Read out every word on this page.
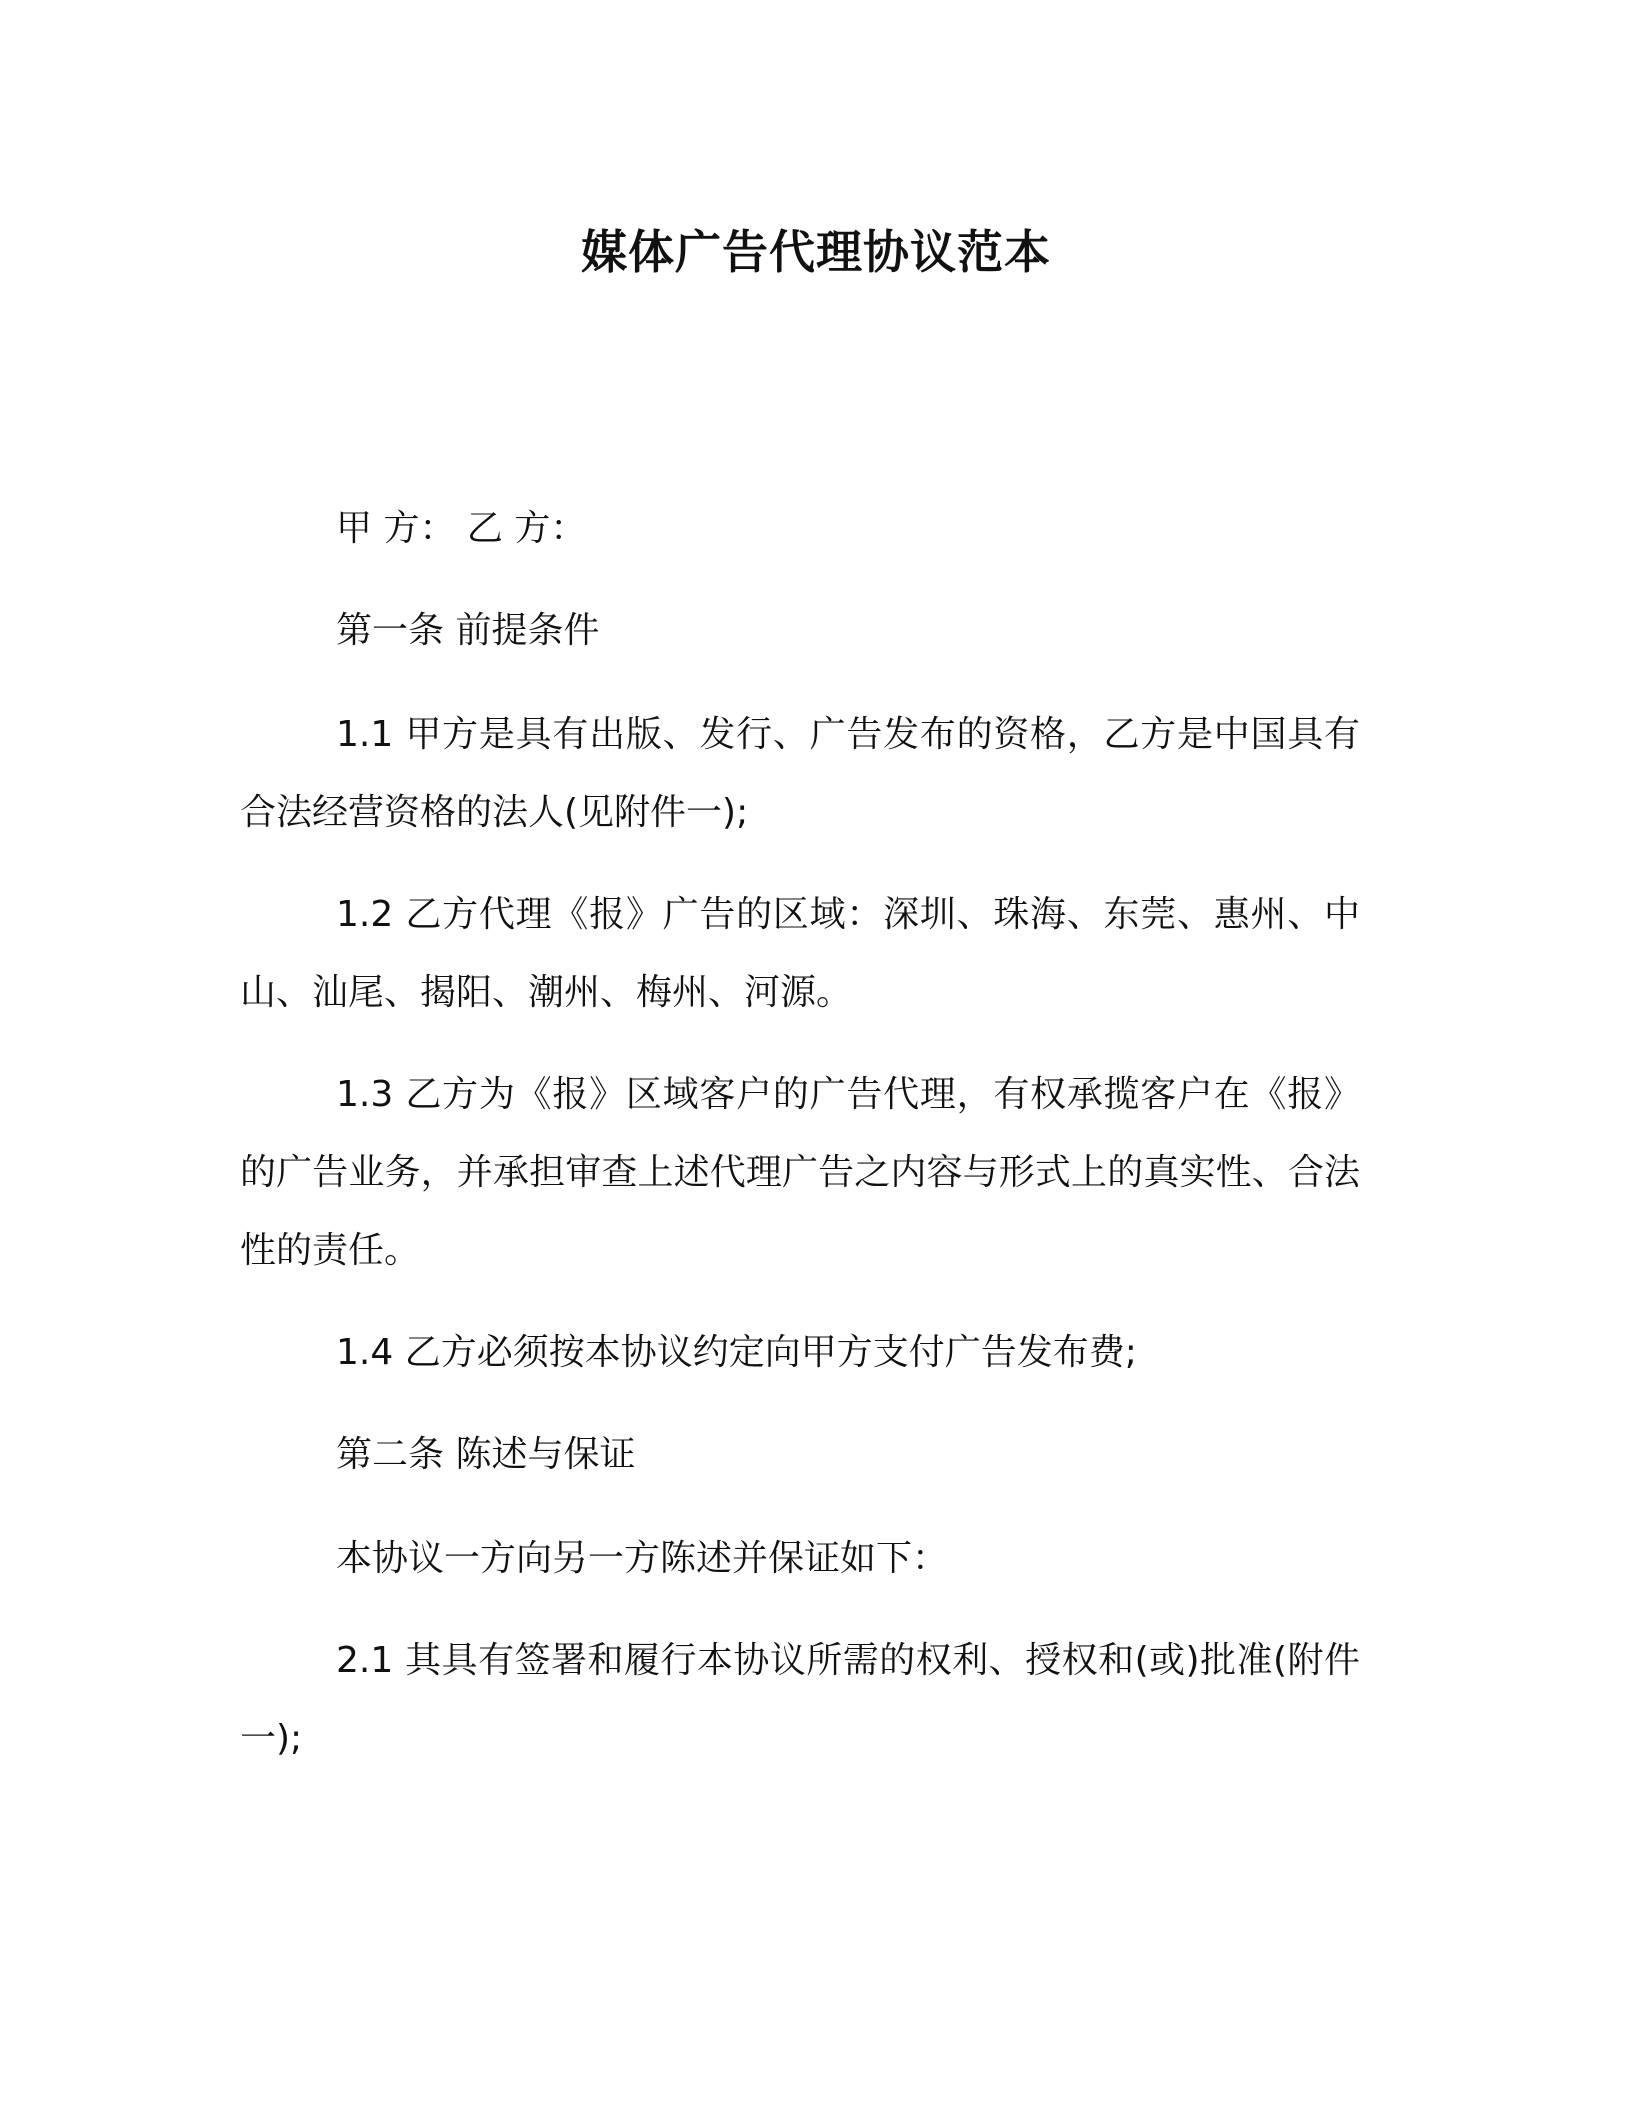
媒体广告代理协议范本

甲 方： 乙 方：

第一条 前提条件

1.1 甲方是具有出版、发行、广告发布的资格，乙方是中国具有合法经营资格的法人(见附件一);

1.2 乙方代理《报》广告的区域：深圳、珠海、东莞、惠州、中山、汕尾、揭阳、潮州、梅州、河源。

1.3 乙方为《报》区域客户的广告代理，有权承揽客户在《报》的广告业务，并承担审查上述代理广告之内容与形式上的真实性、合法性的责任。

1.4 乙方必须按本协议约定向甲方支付广告发布费;

第二条 陈述与保证

本协议一方向另一方陈述并保证如下：

2.1 其具有签署和履行本协议所需的权利、授权和(或)批准(附件一);
